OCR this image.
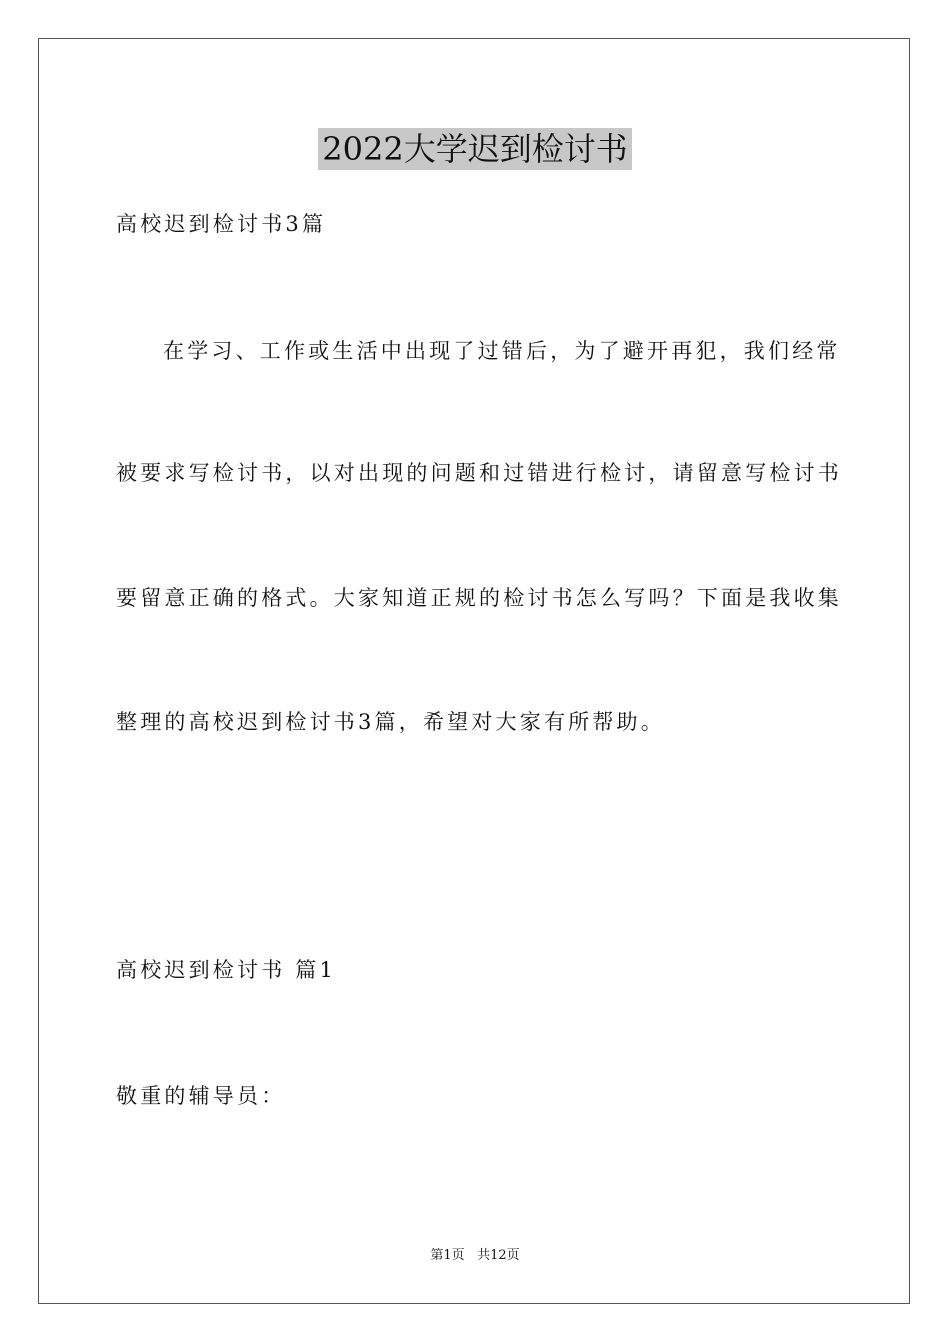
2022大学迟到检讨书
高校迟到检讨书3篇
在学习、工作或生活中出现了过错后，为了避开再犯，我们经常
被要求写检讨书，以对出现的问题和过错进行检讨，请留意写检讨书
要留意正确的格式。大家知道正规的检讨书怎么写吗？下面是我收集
整理的高校迟到检讨书3篇，希望对大家有所帮助。
高校迟到检讨书 篇1
敬重的辅导员：
第1页 共12页
